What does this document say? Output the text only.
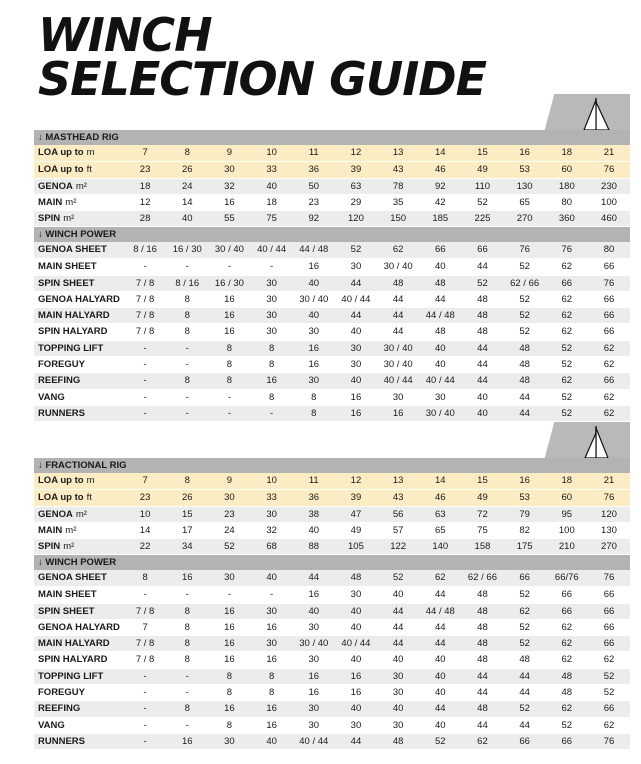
WINCH
SELECTION GUIDE
↓ MASTHEAD RIG
LOA up to m	7	8	9	10	11	12	13	14	15	16	18	21
LOA up to ft	23	26	30	33	36	39	43	46	49	53	60	76
GENOA m²	18	24	32	40	50	63	78	92	110	130	180	230
MAIN m²	12	14	16	18	23	29	35	42	52	65	80	100
SPIN m²	28	40	55	75	92	120	150	185	225	270	360	460
↓ WINCH POWER
GENOA SHEET	8 / 16	16 / 30	30 / 40	40 / 44	44 / 48	52	62	66	66	76	76	80
MAIN SHEET	-	-	-	-	16	30	30 / 40	40	44	52	62	66
SPIN SHEET	7 / 8	8 / 16	16 / 30	30	40	44	48	48	52	62 / 66	66	76
GENOA HALYARD	7 / 8	8	16	30	30 / 40	40 / 44	44	44	48	52	62	66
MAIN HALYARD	7 / 8	8	16	30	40	44	44	44 / 48	48	52	62	66
SPIN HALYARD	7 / 8	8	16	30	30	40	44	48	48	52	62	66
TOPPING LIFT	-	-	8	8	16	30	30 / 40	40	44	48	52	62
FOREGUY	-	-	8	8	16	30	30 / 40	40	44	48	52	62
REEFING	-	8	8	16	30	40	40 / 44	40 / 44	44	48	62	66
VANG	-	-	-	8	8	16	30	30	40	44	52	62
RUNNERS	-	-	-	-	8	16	16	30 / 40	40	44	52	62
↓ FRACTIONAL RIG
LOA up to m	7	8	9	10	11	12	13	14	15	16	18	21
LOA up to ft	23	26	30	33	36	39	43	46	49	53	60	76
GENOA m²	10	15	23	30	38	47	56	63	72	79	95	120
MAIN m²	14	17	24	32	40	49	57	65	75	82	100	130
SPIN m²	22	34	52	68	88	105	122	140	158	175	210	270
↓ WINCH POWER
GENOA SHEET	8	16	30	40	44	48	52	62	62 / 66	66	66/76	76
MAIN SHEET	-	-	-	-	16	30	40	44	48	52	66	66
SPIN SHEET	7 / 8	8	16	30	40	40	44	44 / 48	48	62	66	66
GENOA HALYARD	7	8	16	16	30	40	44	44	48	52	62	66
MAIN HALYARD	7 / 8	8	16	30	30 / 40	40 / 44	44	44	48	52	62	66
SPIN HALYARD	7 / 8	8	16	16	30	40	40	40	48	48	62	62
TOPPING LIFT	-	-	8	8	16	16	30	40	44	44	48	52
FOREGUY	-	-	8	8	16	16	30	40	44	44	48	52
REEFING	-	8	16	16	30	40	40	44	48	52	62	66
VANG	-	-	8	16	30	30	30	40	44	44	52	62
RUNNERS	-	16	30	40	40 / 44	44	48	52	62	66	66	76
